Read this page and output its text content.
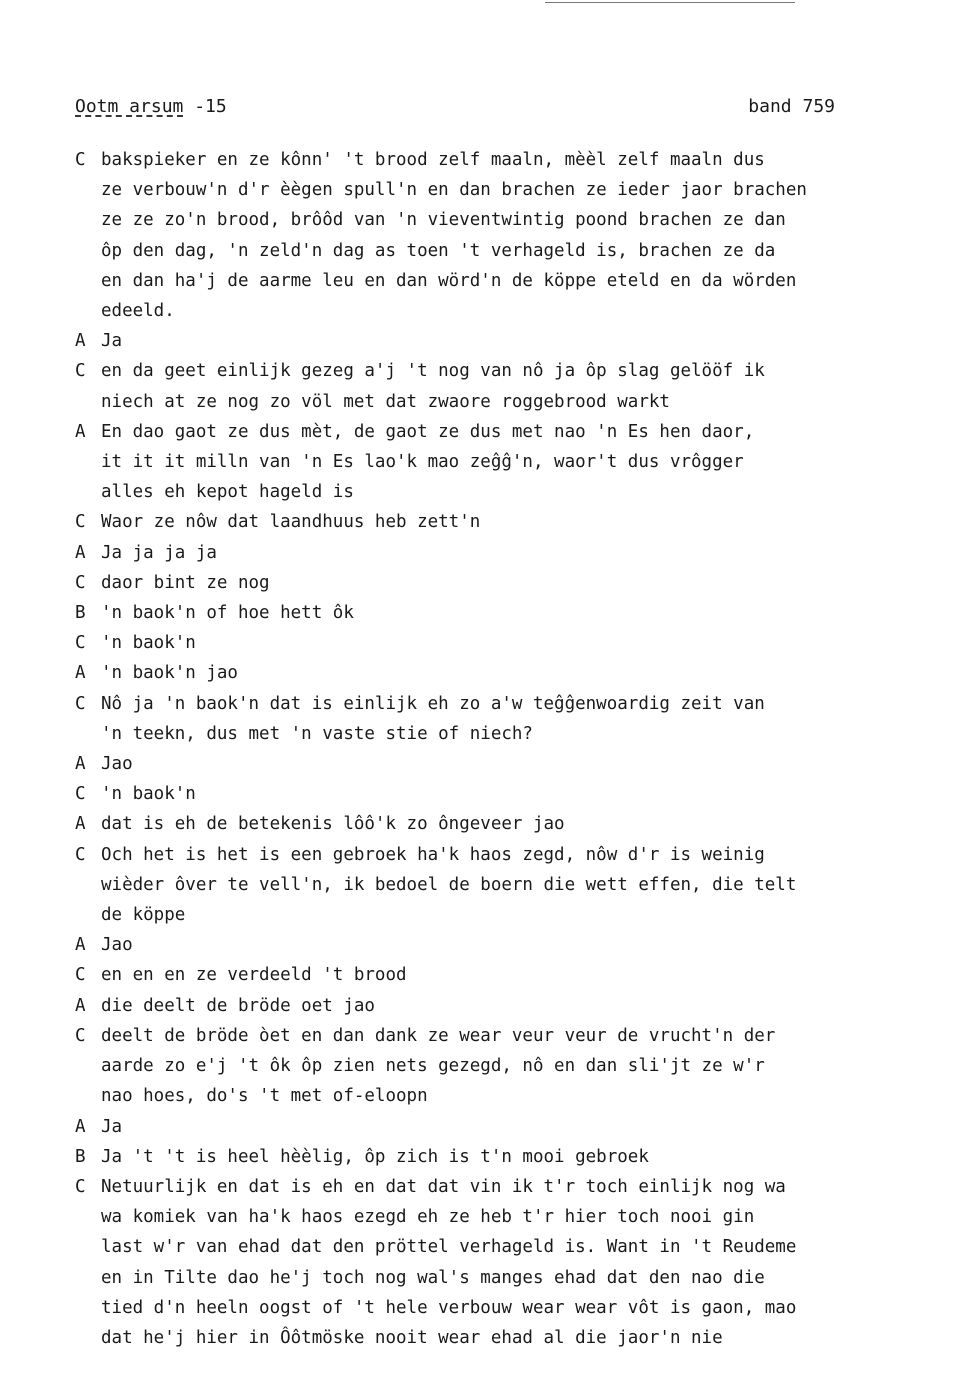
Ootm arsum -15	band 759
C bakspieker en ze kônn' 't brood zelf maaln, mèèl zelf maaln dus
ze verbouw'n d'r èègen spull'n en dan brachen ze ieder jaor brachen
ze ze zo'n brood, brôôd van 'n vieventwintig poond brachen ze dan
ôp den dag, 'n zeld'n dag as toen 't verhageld is, brachen ze da
en dan ha'j de aarme leu en dan wörd'n de köppe eteld en da wörden
edeeld.
A Ja
C en da geet einlijk gezeg a'j 't nog van nô ja ôp slag gelööf ik
niech at ze nog zo völ met dat zwaore roggebrood warkt
A En dao gaot ze dus mèt, de gaot ze dus met nao 'n Es hen daor,
it it it milln van 'n Es lao'k mao zeĝĝ'n, waor't dus vrôgger
alles eh kepot hageld is
C Waor ze nôw dat laandhuus heb zett'n
A Ja ja ja ja
C daor bint ze nog
B 'n baok'n of hoe hett ôk
C 'n baok'n
A 'n baok'n jao
C Nô ja 'n baok'n dat is einlijk eh zo a'w teĝĝenwoardig zeit van
'n teekn, dus met 'n vaste stie of niech?
A Jao
C 'n baok'n
A dat is eh de betekenis lôô'k zo ôngeveer jao
C Och het is het is een gebroek ha'k haos zegd, nôw d'r is weinig
wièder ôver te vell'n, ik bedoel de boern die wett effen, die telt
de köppe
A Jao
C en en en ze verdeeld 't brood
A die deelt de bröde oet jao
C deelt de bröde òet en dan dank ze wear veur veur de vrucht'n der
aarde zo e'j 't ôk ôp zien nets gezegd, nô en dan sli'jt ze w'r
nao hoes, do's 't met of-eloopn
A Ja
B Ja 't 't is heel hèèlig, ôp zich is t'n mooi gebroek
C Netuurlijk en dat is eh en dat dat vin ik t'r toch einlijk nog wa
wa komiek van ha'k haos ezegd eh ze heb t'r hier toch nooi gin
last w'r van ehad dat den pröttel verhageld is. Want in 't Reudeme
en in Tilte dao he'j toch nog wal's manges ehad dat den nao die
tied d'n heeln oogst of 't hele verbouw wear wear vôt is gaon, mao
dat he'j hier in Ôôtmöske nooit wear ehad al die jaor'n nie
